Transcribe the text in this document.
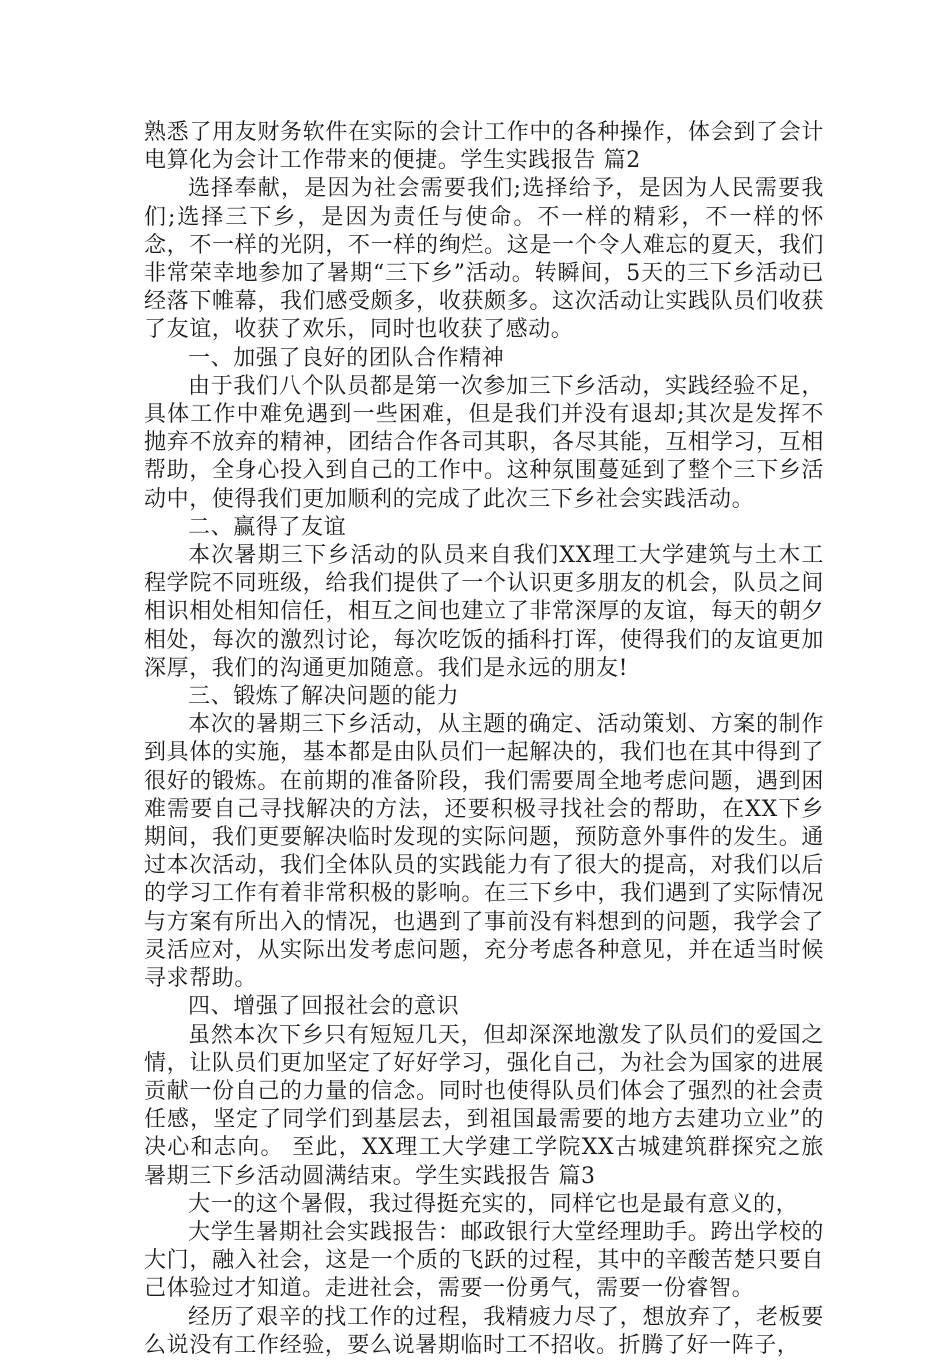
熟悉了用友财务软件在实际的会计工作中的各种操作，体会到了会计电算化为会计工作带来的便捷。学生实践报告 篇2

选择奉献，是因为社会需要我们;选择给予，是因为人民需要我们;选择三下乡，是因为责任与使命。不一样的精彩，不一样的怀念，不一样的光阴，不一样的绚烂。这是一个令人难忘的夏天，我们非常荣幸地参加了暑期“三下乡”活动。转瞬间，5天的三下乡活动已经落下帷幕，我们感受颇多，收获颇多。这次活动让实践队员们收获了友谊，收获了欢乐，同时也收获了感动。

一、加强了良好的团队合作精神

由于我们八个队员都是第一次参加三下乡活动，实践经验不足，具体工作中难免遇到一些困难，但是我们并没有退却;其次是发挥不抛弃不放弃的精神，团结合作各司其职，各尽其能，互相学习，互相帮助，全身心投入到自己的工作中。这种氛围蔓延到了整个三下乡活动中，使得我们更加顺利的完成了此次三下乡社会实践活动。

二、赢得了友谊

本次暑期三下乡活动的队员来自我们XX理工大学建筑与土木工程学院不同班级，给我们提供了一个认识更多朋友的机会，队员之间相识相处相知信任，相互之间也建立了非常深厚的友谊，每天的朝夕相处，每次的激烈讨论，每次吃饭的插科打诨，使得我们的友谊更加深厚，我们的沟通更加随意。我们是永远的朋友!

三、锻炼了解决问题的能力

本次的暑期三下乡活动，从主题的确定、活动策划、方案的制作到具体的实施，基本都是由队员们一起解决的，我们也在其中得到了很好的锻炼。在前期的准备阶段，我们需要周全地考虑问题，遇到困难需要自己寻找解决的方法，还要积极寻找社会的帮助，在XX下乡期间，我们更要解决临时发现的实际问题，预防意外事件的发生。通过本次活动，我们全体队员的实践能力有了很大的提高，对我们以后的学习工作有着非常积极的影响。在三下乡中，我们遇到了实际情况与方案有所出入的情况，也遇到了事前没有料想到的问题，我学会了灵活应对，从实际出发考虑问题，充分考虑各种意见，并在适当时候寻求帮助。

四、增强了回报社会的意识

虽然本次下乡只有短短几天，但却深深地激发了队员们的爱国之情，让队员们更加坚定了好好学习，强化自己，为社会为国家的进展贡献一份自己的力量的信念。同时也使得队员们体会了强烈的社会责任感，坚定了同学们到基层去，到祖国最需要的地方去建功立业”的决心和志向。 至此，XX理工大学建工学院XX古城建筑群探究之旅暑期三下乡活动圆满结束。学生实践报告 篇3

大一的这个暑假，我过得挺充实的，同样它也是最有意义的，

大学生暑期社会实践报告：邮政银行大堂经理助手。跨出学校的大门，融入社会，这是一个质的飞跃的过程，其中的辛酸苦楚只要自己体验过才知道。走进社会，需要一份勇气，需要一份睿智。

经历了艰辛的找工作的过程，我精疲力尽了，想放弃了，老板要么说没有工作经验，要么说暑期临时工不招收。折腾了好一阵子，
